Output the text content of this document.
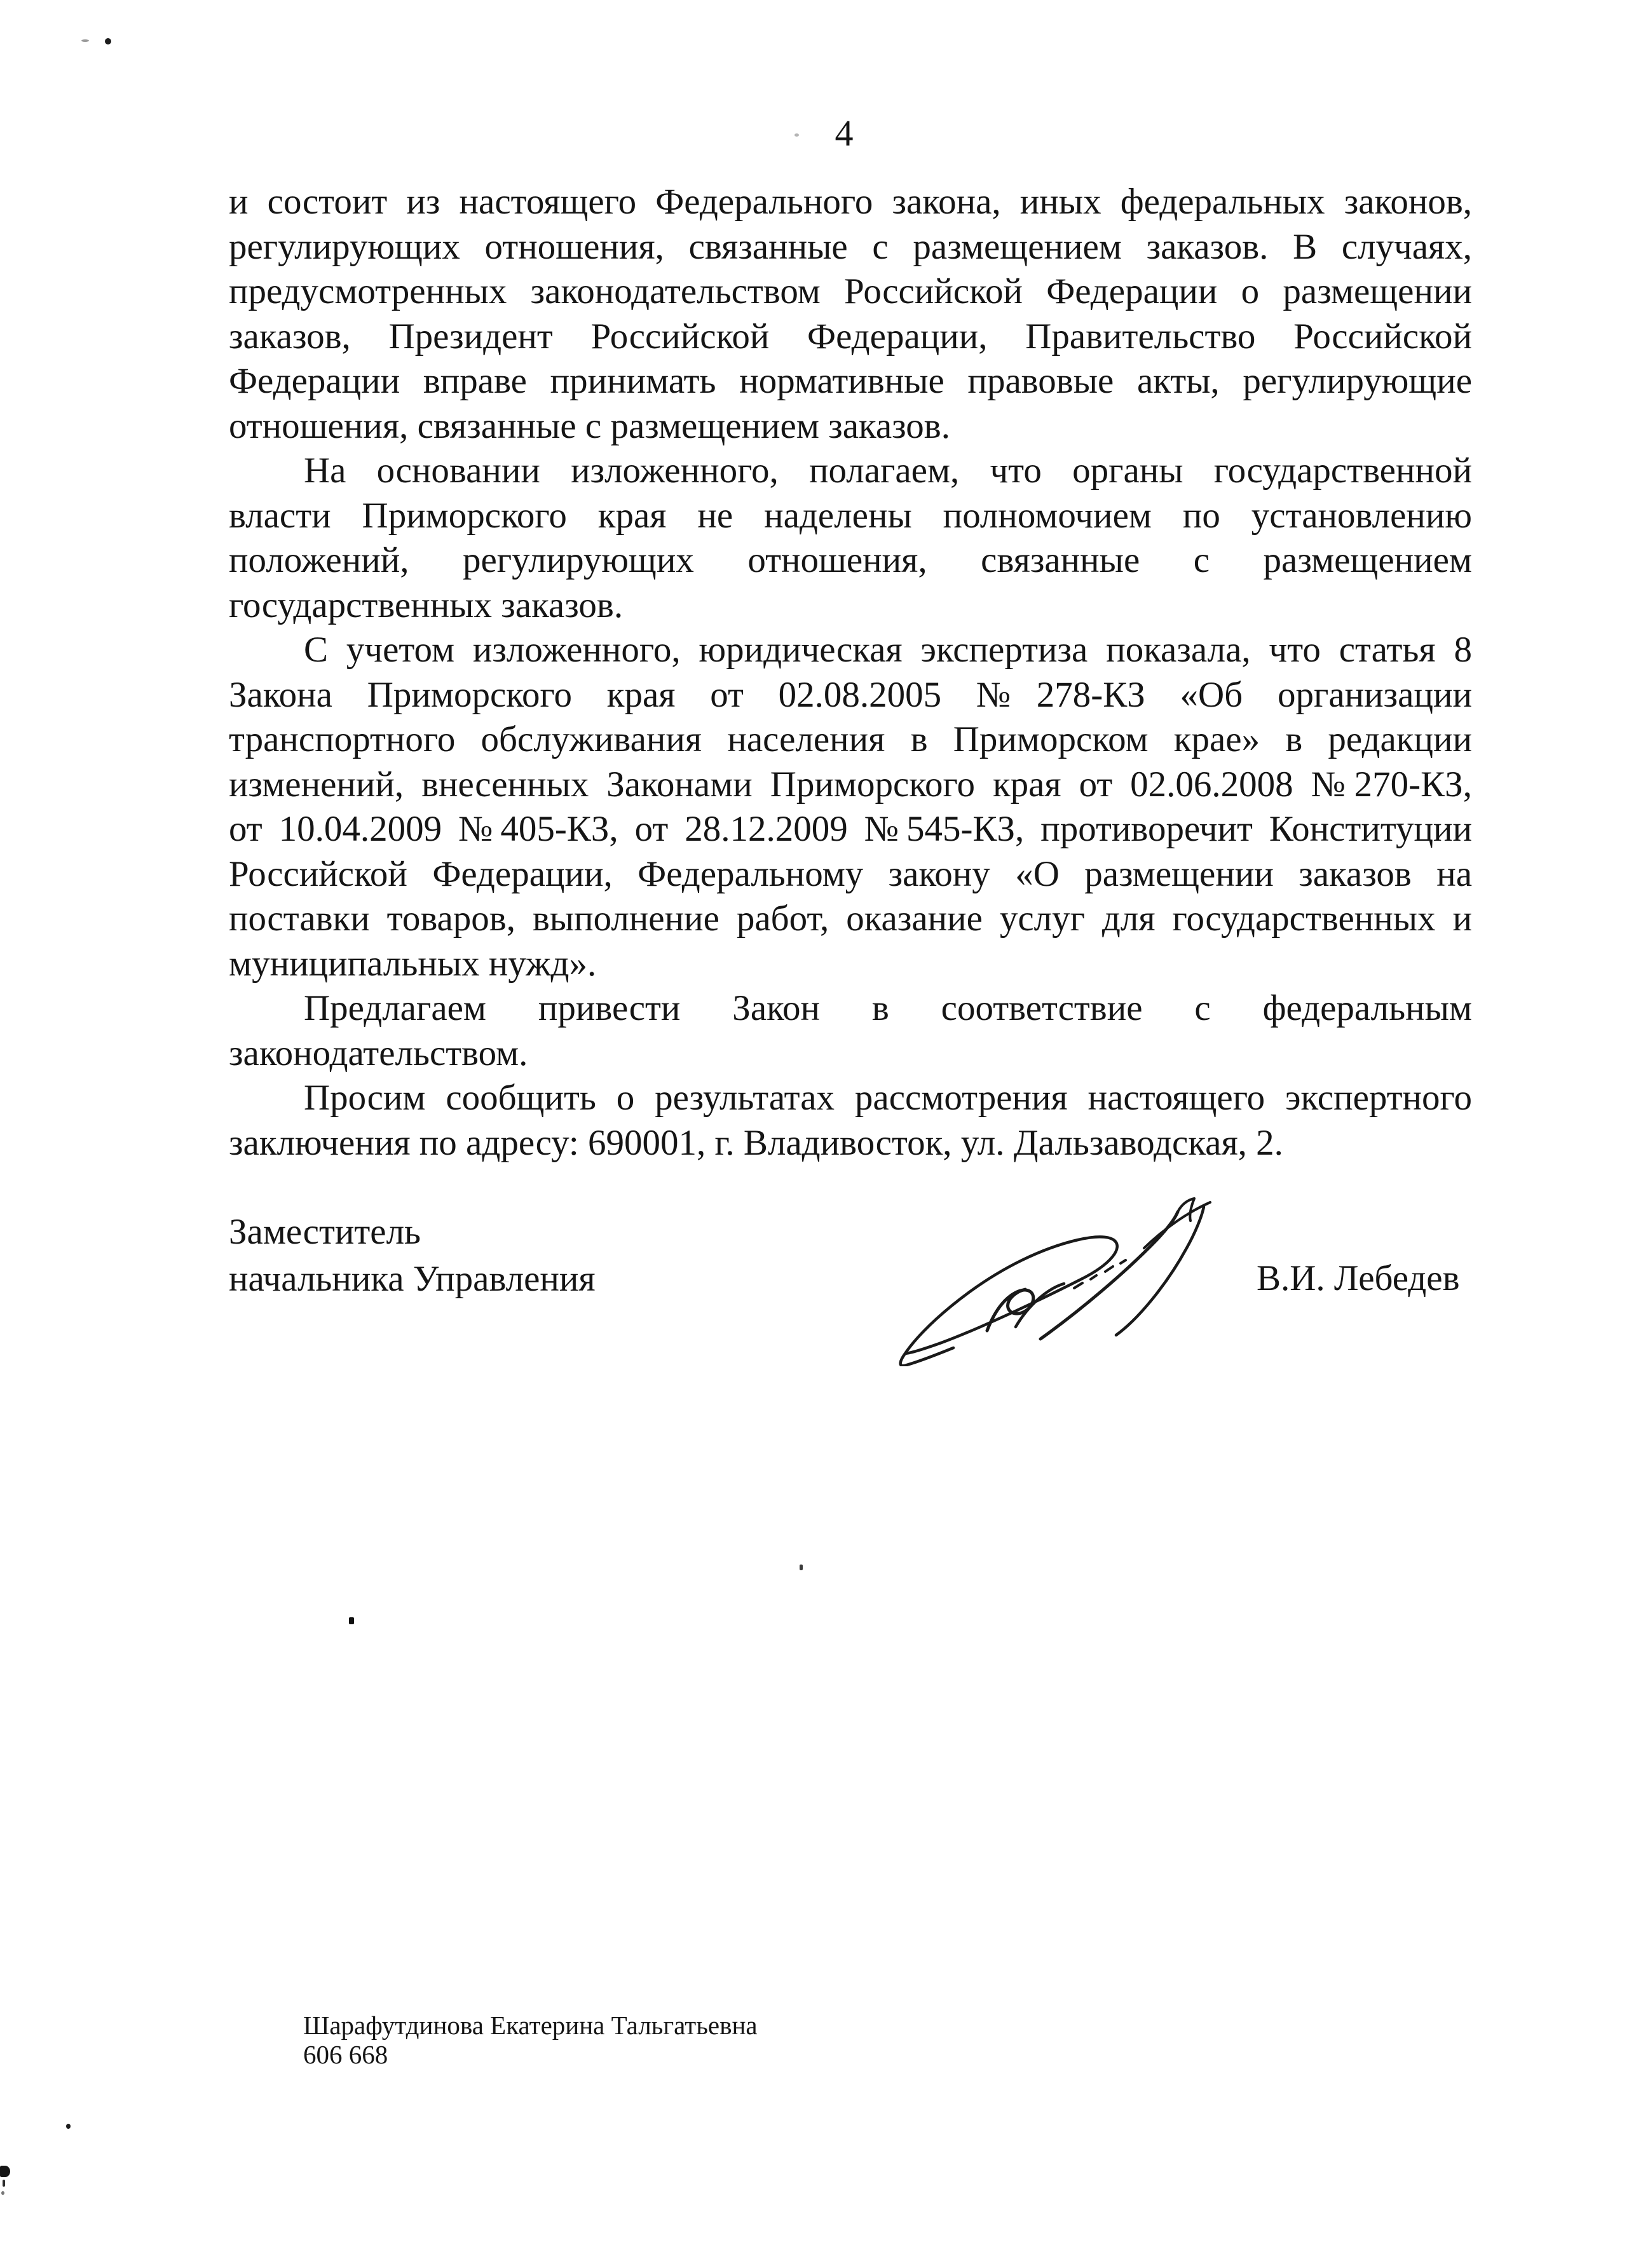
4
и состоит из настоящего Федерального закона, иных федеральных законов,
регулирующих отношения, связанные с размещением заказов. В случаях,
предусмотренных законодательством Российской Федерации о размещении
заказов, Президент Российской Федерации, Правительство Российской
Федерации вправе принимать нормативные правовые акты, регулирующие
отношения, связанные с размещением заказов.
На основании изложенного, полагаем, что органы государственной
власти Приморского края не наделены полномочием по установлению
положений, регулирующих отношения, связанные с размещением
государственных заказов.
С учетом изложенного, юридическая экспертиза показала, что статья 8
Закона Приморского края от 02.08.2005 №278-КЗ «Об организации
транспортного обслуживания населения в Приморском крае» в редакции
изменений, внесенных Законами Приморского края от 02.06.2008 №270-КЗ,
от 10.04.2009 №405-КЗ, от 28.12.2009 №545-КЗ, противоречит Конституции
Российской Федерации, Федеральному закону «О размещении заказов на
поставки товаров, выполнение работ, оказание услуг для государственных и
муниципальных нужд».
Предлагаем привести Закон в соответствие с федеральным
законодательством.
Просим сообщить о результатах рассмотрения настоящего экспертного
заключения по адресу: 690001, г. Владивосток, ул. Дальзаводская, 2.
Заместитель
начальника Управления	В.И. Лебедев
Шарафутдинова Екатерина Тальгатьевна
606 668
